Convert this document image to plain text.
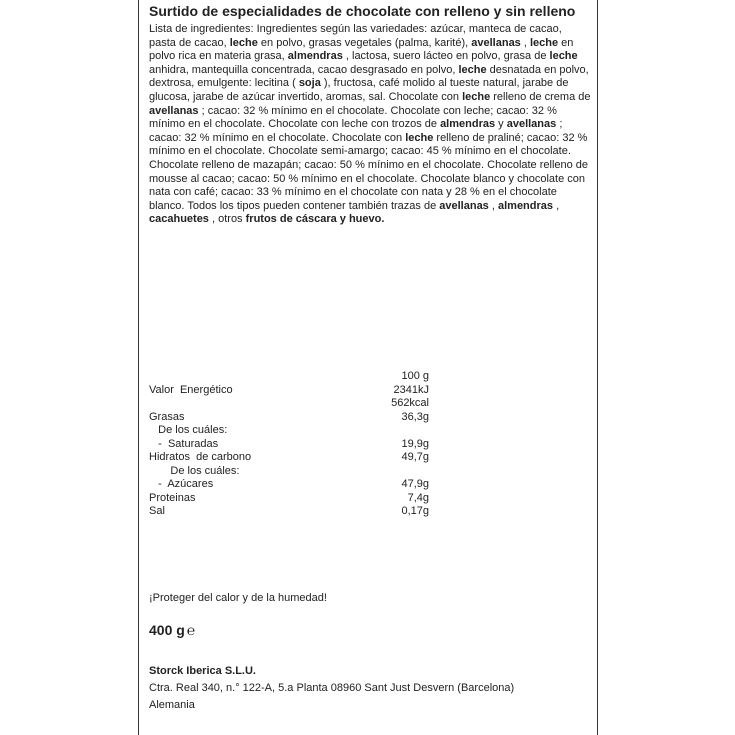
Surtido de especialidades de chocolate con relleno y sin relleno
Lista de ingredientes: Ingredientes según las variedades: azúcar, manteca de cacao, pasta de cacao, leche en polvo, grasas vegetales (palma, karité), avellanas , leche en polvo rica en materia grasa, almendras , lactosa, suero lácteo en polvo, grasa de leche anhidra, mantequilla concentrada, cacao desgrasado en polvo, leche desnatada en polvo, dextrosa, emulgente: lecitina ( soja ), fructosa, café molido al tueste natural, jarabe de glucosa, jarabe de azúcar invertido, aromas, sal. Chocolate con leche relleno de crema de avellanas ; cacao: 32 % mínimo en el chocolate. Chocolate con leche; cacao: 32 % mínimo en el chocolate. Chocolate con leche con trozos de almendras y avellanas ; cacao: 32 % mínimo en el chocolate. Chocolate con leche relleno de praliné; cacao: 32 % mínimo en el chocolate. Chocolate semi-amargo; cacao: 45 % mínimo en el chocolate. Chocolate relleno de mazapán; cacao: 50 % mínimo en el chocolate. Chocolate relleno de mousse al cacao; cacao: 50 % mínimo en el chocolate. Chocolate blanco y chocolate con nata con café; cacao: 33 % mínimo en el chocolate con nata y 28 % en el chocolate blanco. Todos los tipos pueden contener también trazas de avellanas , almendras , cacahuetes , otros frutos de cáscara y huevo.
100 g
Valor  Energético	2341kJ
562kcal
Grasas	36,3g
De los cuáles:
-  Saturadas	19,9g
Hidratos  de carbono	49,7g
De los cuáles:
-  Azúcares	47,9g
Proteinas	7,4g
Sal	0,17g
¡Proteger del calor y de la humedad!
400 g ℮
Storck Iberica S.L.U.
Ctra. Real 340, n.° 122-A, 5.a Planta 08960 Sant Just Desvern (Barcelona)
Alemania
